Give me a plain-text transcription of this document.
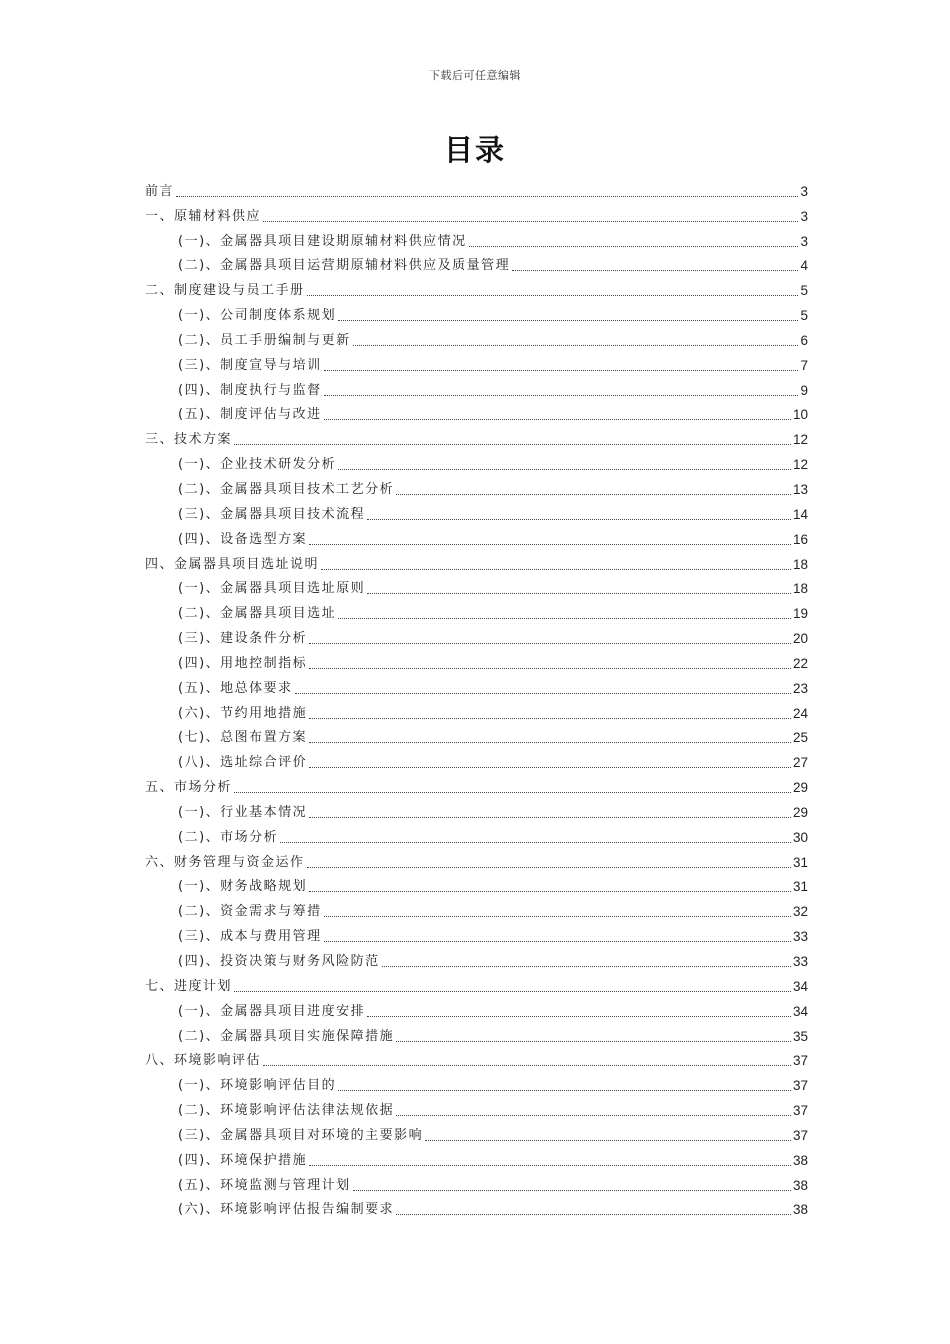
下载后可任意编辑
目录
前言	3
一、原辅材料供应	3
(一)、金属器具项目建设期原辅材料供应情况	3
(二)、金属器具项目运营期原辅材料供应及质量管理	4
二、制度建设与员工手册	5
(一)、公司制度体系规划	5
(二)、员工手册编制与更新	6
(三)、制度宣导与培训	7
(四)、制度执行与监督	9
(五)、制度评估与改进	10
三、技术方案	12
(一)、企业技术研发分析	12
(二)、金属器具项目技术工艺分析	13
(三)、金属器具项目技术流程	14
(四)、设备选型方案	16
四、金属器具项目选址说明	18
(一)、金属器具项目选址原则	18
(二)、金属器具项目选址	19
(三)、建设条件分析	20
(四)、用地控制指标	22
(五)、地总体要求	23
(六)、节约用地措施	24
(七)、总图布置方案	25
(八)、选址综合评价	27
五、市场分析	29
(一)、行业基本情况	29
(二)、市场分析	30
六、财务管理与资金运作	31
(一)、财务战略规划	31
(二)、资金需求与筹措	32
(三)、成本与费用管理	33
(四)、投资决策与财务风险防范	33
七、进度计划	34
(一)、金属器具项目进度安排	34
(二)、金属器具项目实施保障措施	35
八、环境影响评估	37
(一)、环境影响评估目的	37
(二)、环境影响评估法律法规依据	37
(三)、金属器具项目对环境的主要影响	37
(四)、环境保护措施	38
(五)、环境监测与管理计划	38
(六)、环境影响评估报告编制要求	38
